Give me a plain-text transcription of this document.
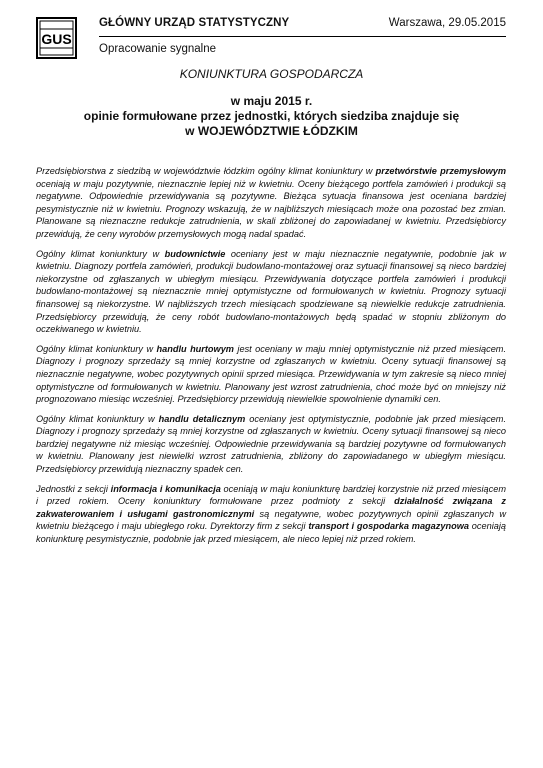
GUS
GŁÓWNY URZĄD STATYSTYCZNY	Warszawa, 29.05.2015
Opracowanie sygnalne

KONIUNKTURA GOSPODARCZA

w maju 2015 r.

opinie formułowane przez jednostki, których siedziba znajduje się

w WOJEWÓDZTWIE ŁÓDZKIM

Przedsiębiorstwa z siedzibą w województwie łódzkim ogólny klimat koniunktury w przetwórstwie przemysłowym oceniają w maju pozytywnie, nieznacznie lepiej niż w kwietniu. Oceny bieżącego portfela zamówień i produkcji są negatywne. Odpowiednie przewidywania są pozytywne. Bieżąca sytuacja finansowa jest oceniana bardziej pesymistycznie niż w kwietniu. Prognozy wskazują, że w najbliższych miesiącach może ona pozostać bez zmian. Planowane są nieznaczne redukcje zatrudnienia, w skali zbliżonej do zapowiadanej w kwietniu. Przedsiębiorcy przewidują, że ceny wyrobów przemysłowych mogą nadal spadać.

Ogólny klimat koniunktury w budownictwie oceniany jest w maju nieznacznie negatywnie, podobnie jak w kwietniu. Diagnozy portfela zamówień, produkcji budowlano-montażowej oraz sytuacji finansowej są nieco bardziej niekorzystne od zgłaszanych w ubiegłym miesiącu. Przewidywania dotyczące portfela zamówień i produkcji budowlano-montażowej są nieznacznie mniej optymistyczne od formułowanych w kwietniu. Prognozy sytuacji finansowej są niekorzystne. W najbliższych trzech miesiącach spodziewane są niewielkie redukcje zatrudnienia. Przedsiębiorcy przewidują, że ceny robót budowlano-montażowych będą spadać w stopniu zbliżonym do oczekiwanego w kwietniu.

Ogólny klimat koniunktury w handlu hurtowym jest oceniany w maju mniej optymistycznie niż przed miesiącem. Diagnozy i prognozy sprzedaży są mniej korzystne od zgłaszanych w kwietniu. Oceny sytuacji finansowej są nieznacznie negatywne, wobec pozytywnych opinii sprzed miesiąca. Przewidywania w tym zakresie są nieco mniej optymistyczne od formułowanych w kwietniu. Planowany jest wzrost zatrudnienia, choć może być on mniejszy niż prognozowano miesiąc wcześniej. Przedsiębiorcy przewidują niewielkie spowolnienie dynamiki cen.

Ogólny klimat koniunktury w handlu detalicznym oceniany jest optymistycznie, podobnie jak przed miesiącem. Diagnozy i prognozy sprzedaży są mniej korzystne od zgłaszanych w kwietniu. Oceny sytuacji finansowej są nieco bardziej negatywne niż miesiąc wcześniej. Odpowiednie przewidywania są bardziej pozytywne od formułowanych w kwietniu. Planowany jest niewielki wzrost zatrudnienia, zbliżony do zapowiadanego w ubiegłym miesiącu. Przedsiębiorcy przewidują nieznaczny spadek cen.

Jednostki z sekcji informacja i komunikacja oceniają w maju koniunkturę bardziej korzystnie niż przed miesiącem i przed rokiem. Oceny koniunktury formułowane przez podmioty z sekcji działalność związana z zakwaterowaniem i usługami gastronomicznymi są negatywne, wobec pozytywnych opinii zgłaszanych w kwietniu bieżącego i maju ubiegłego roku. Dyrektorzy firm z sekcji transport i gospodarka magazynowa oceniają koniunkturę pesymistycznie, podobnie jak przed miesiącem, ale nieco lepiej niż przed rokiem.
